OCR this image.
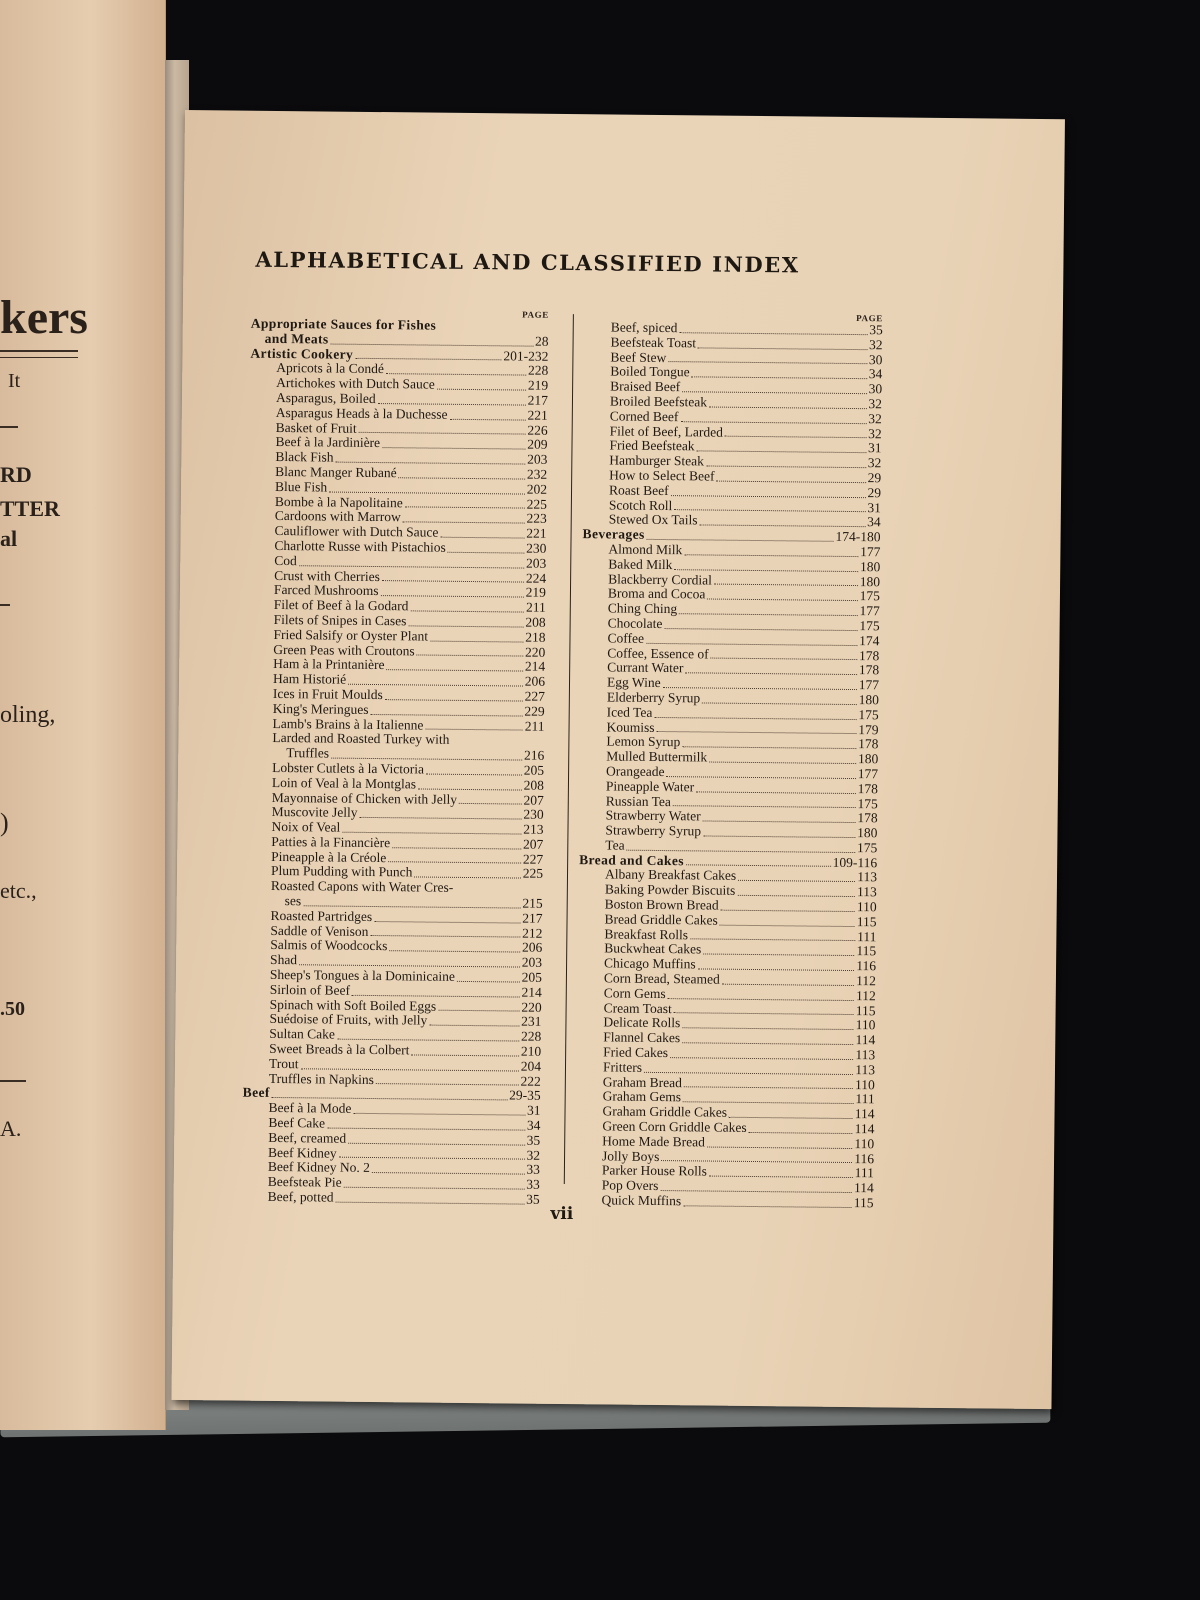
kers
It
RD
TTER
al
oling,
)
etc.,
.50
A.
ALPHABETICAL AND CLASSIFIED INDEX
PAGE
Appropriate Sauces for Fishes
and Meats	28
Artistic Cookery	201-232
Apricots à la Condé	228
Artichokes with Dutch Sauce	219
Asparagus, Boiled	217
Asparagus Heads à la Duchesse	221
Basket of Fruit	226
Beef à la Jardinière	209
Black Fish	203
Blanc Manger Rubané	232
Blue Fish	202
Bombe à la Napolitaine	225
Cardoons with Marrow	223
Cauliflower with Dutch Sauce	221
Charlotte Russe with Pistachios	230
Cod	203
Crust with Cherries	224
Farced Mushrooms	219
Filet of Beef à la Godard	211
Filets of Snipes in Cases	208
Fried Salsify or Oyster Plant	218
Green Peas with Croutons	220
Ham à la Printanière	214
Ham Historié	206
Ices in Fruit Moulds	227
King's Meringues	229
Lamb's Brains à la Italienne	211
Larded and Roasted Turkey with
Truffles	216
Lobster Cutlets à la Victoria	205
Loin of Veal à la Montglas	208
Mayonnaise of Chicken with Jelly	207
Muscovite Jelly	230
Noix of Veal	213
Patties à la Financière	207
Pineapple à la Créole	227
Plum Pudding with Punch	225
Roasted Capons with Water Cres-
ses	215
Roasted Partridges	217
Saddle of Venison	212
Salmis of Woodcocks	206
Shad	203
Sheep's Tongues à la Dominicaine	205
Sirloin of Beef	214
Spinach with Soft Boiled Eggs	220
Suédoise of Fruits, with Jelly	231
Sultan Cake	228
Sweet Breads à la Colbert	210
Trout	204
Truffles in Napkins	222
Beef	29-35
Beef à la Mode	31
Beef Cake	34
Beef, creamed	35
Beef Kidney	32
Beef Kidney No. 2	33
Beefsteak Pie	33
Beef, potted	35
PAGE
Beef, spiced	35
Beefsteak Toast	32
Beef Stew	30
Boiled Tongue	34
Braised Beef	30
Broiled Beefsteak	32
Corned Beef	32
Filet of Beef, Larded	32
Fried Beefsteak	31
Hamburger Steak	32
How to Select Beef	29
Roast Beef	29
Scotch Roll	31
Stewed Ox Tails	34
Beverages	174-180
Almond Milk	177
Baked Milk	180
Blackberry Cordial	180
Broma and Cocoa	175
Ching Ching	177
Chocolate	175
Coffee	174
Coffee, Essence of	178
Currant Water	178
Egg Wine	177
Elderberry Syrup	180
Iced Tea	175
Koumiss	179
Lemon Syrup	178
Mulled Buttermilk	180
Orangeade	177
Pineapple Water	178
Russian Tea	175
Strawberry Water	178
Strawberry Syrup	180
Tea	175
Bread and Cakes	109-116
Albany Breakfast Cakes	113
Baking Powder Biscuits	113
Boston Brown Bread	110
Bread Griddle Cakes	115
Breakfast Rolls	111
Buckwheat Cakes	115
Chicago Muffins	116
Corn Bread, Steamed	112
Corn Gems	112
Cream Toast	115
Delicate Rolls	110
Flannel Cakes	114
Fried Cakes	113
Fritters	113
Graham Bread	110
Graham Gems	111
Graham Griddle Cakes	114
Green Corn Griddle Cakes	114
Home Made Bread	110
Jolly Boys	116
Parker House Rolls	111
Pop Overs	114
Quick Muffins	115
vii
